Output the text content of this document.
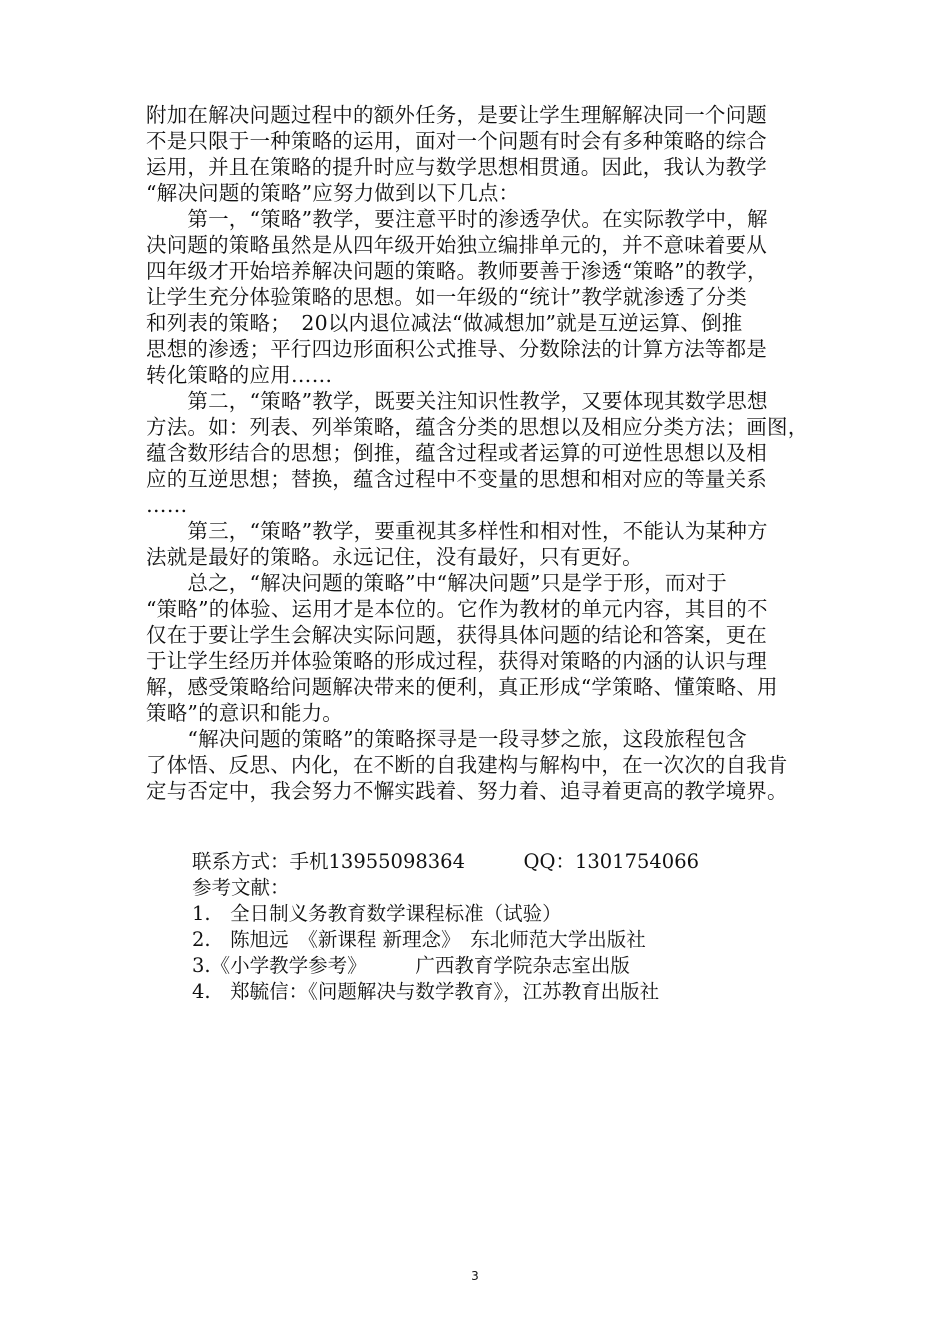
附加在解决问题过程中的额外任务，是要让学生理解解决同一个问题
不是只限于一种策略的运用，面对一个问题有时会有多种策略的综合
运用，并且在策略的提升时应与数学思想相贯通。因此，我认为教学
“解决问题的策略”应努力做到以下几点：
　　第一，“策略”教学，要注意平时的渗透孕伏。在实际教学中，解
决问题的策略虽然是从四年级开始独立编排单元的，并不意味着要从
四年级才开始培养解决问题的策略。教师要善于渗透“策略”的教学，
让学生充分体验策略的思想。如一年级的“统计”教学就渗透了分类
和列表的策略；　20以内退位减法“做减想加”就是互逆运算、倒推
思想的渗透；平行四边形面积公式推导、分数除法的计算方法等都是
转化策略的应用……
　　第二，“策略”教学，既要关注知识性教学，又要体现其数学思想
方法。如：列表、列举策略，蕴含分类的思想以及相应分类方法；画图，
蕴含数形结合的思想；倒推，蕴含过程或者运算的可逆性思想以及相
应的互逆思想；替换，蕴含过程中不变量的思想和相对应的等量关系
……
　　第三，“策略”教学，要重视其多样性和相对性，不能认为某种方
法就是最好的策略。永远记住，没有最好，只有更好。
　　总之，“解决问题的策略”中“解决问题”只是学于形，而对于
“策略”的体验、运用才是本位的。它作为教材的单元内容，其目的不
仅在于要让学生会解决实际问题，获得具体问题的结论和答案，更在
于让学生经历并体验策略的形成过程，获得对策略的内涵的认识与理
解，感受策略给问题解决带来的便利，真正形成“学策略、懂策略、用
策略”的意识和能力。
　　“解决问题的策略”的策略探寻是一段寻梦之旅，这段旅程包含
了体悟、反思、内化，在不断的自我建构与解构中，在一次次的自我肯
定与否定中，我会努力不懈实践着、努力着、追寻着更高的教学境界。
联系方式：手机13955098364　　　QQ：1301754066
参考文献：
1.　全日制义务教育数学课程标准（试验）
2.　陈旭远　《新课程 新理念》　东北师范大学出版社
3.《小学教学参考》　　　广西教育学院杂志室出版
4.　郑毓信：《问题解决与数学教育》，江苏教育出版社
3
